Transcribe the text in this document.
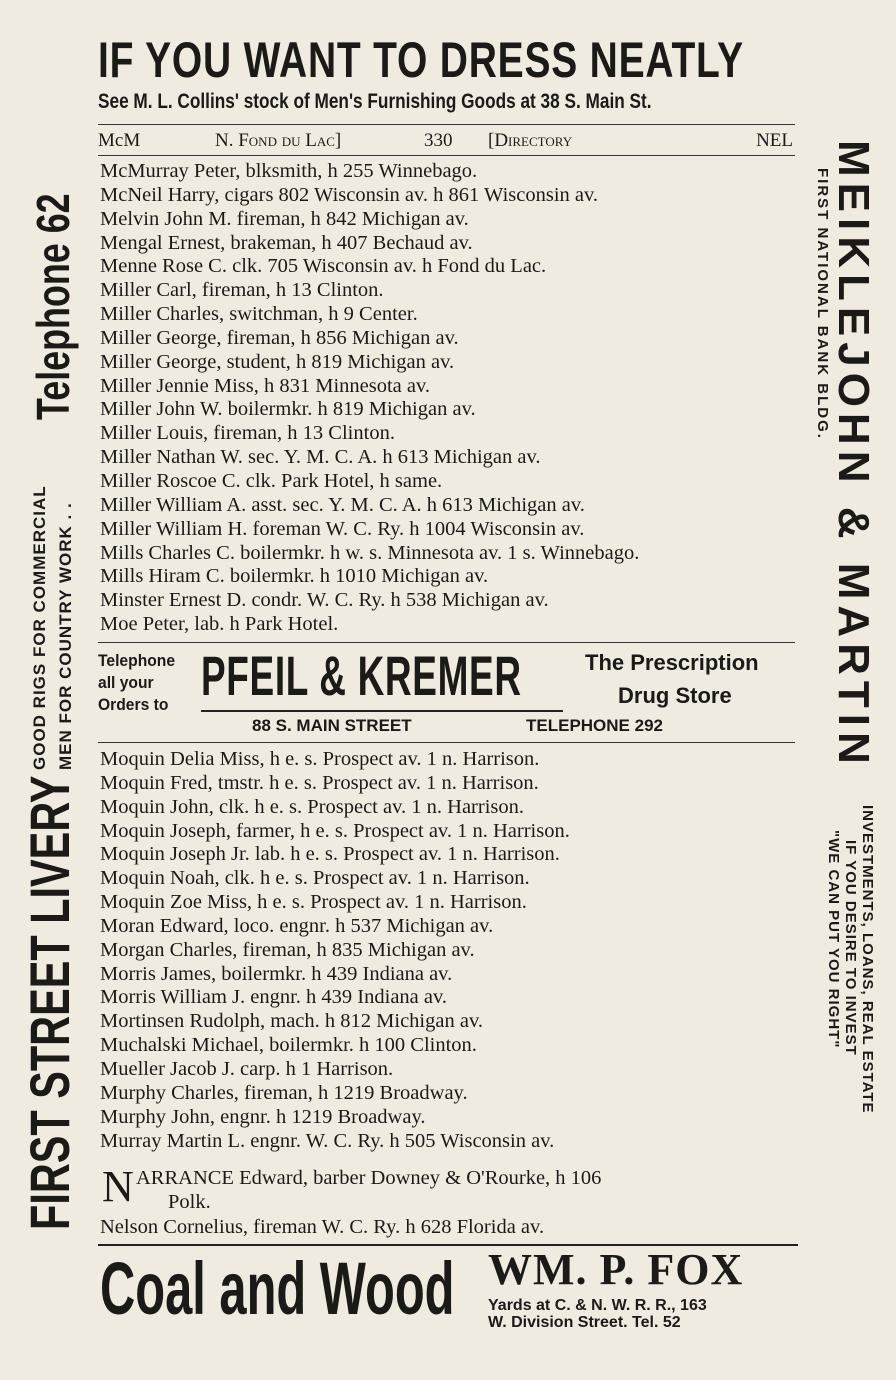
IF YOU WANT TO DRESS NEATLY
See M. L. Collins' stock of Men's Furnishing Goods at 38 S. Main St.
McM	N. Fond du Lac]	330 [Directory	NEL
McMurray Peter, blksmith, h 255 Winnebago.
McNeil Harry, cigars 802 Wisconsin av. h 861 Wisconsin av.
Melvin John M. fireman, h 842 Michigan av.
Mengal Ernest, brakeman, h 407 Bechaud av.
Menne Rose C. clk. 705 Wisconsin av. h Fond du Lac.
Miller Carl, fireman, h 13 Clinton.
Miller Charles, switchman, h 9 Center.
Miller George, fireman, h 856 Michigan av.
Miller George, student, h 819 Michigan av.
Miller Jennie Miss, h 831 Minnesota av.
Miller John W. boilermkr. h 819 Michigan av.
Miller Louis, fireman, h 13 Clinton.
Miller Nathan W. sec. Y. M. C. A. h 613 Michigan av.
Miller Roscoe C. clk. Park Hotel, h same.
Miller William A. asst. sec. Y. M. C. A. h 613 Michigan av.
Miller William H. foreman W. C. Ry. h 1004 Wisconsin av.
Mills Charles C. boilermkr. h w. s. Minnesota av. 1 s. Winnebago.
Mills Hiram C. boilermkr. h 1010 Michigan av.
Minster Ernest D. condr. W. C. Ry. h 538 Michigan av.
Moe Peter, lab. h Park Hotel.
Telephone
all your
Orders to PFEIL & KREMER	The Prescription
Drug Store
88 S. MAIN STREET	TELEPHONE 292
Moquin Delia Miss, h e. s. Prospect av. 1 n. Harrison.
Moquin Fred, tmstr. h e. s. Prospect av. 1 n. Harrison.
Moquin John, clk. h e. s. Prospect av. 1 n. Harrison.
Moquin Joseph, farmer, h e. s. Prospect av. 1 n. Harrison.
Moquin Joseph Jr. lab. h e. s. Prospect av. 1 n. Harrison.
Moquin Noah, clk. h e. s. Prospect av. 1 n. Harrison.
Moquin Zoe Miss, h e. s. Prospect av. 1 n. Harrison.
Moran Edward, loco. engnr. h 537 Michigan av.
Morgan Charles, fireman, h 835 Michigan av.
Morris James, boilermkr. h 439 Indiana av.
Morris William J. engnr. h 439 Indiana av.
Mortinsen Rudolph, mach. h 812 Michigan av.
Muchalski Michael, boilermkr. h 100 Clinton.
Mueller Jacob J. carp. h 1 Harrison.
Murphy Charles, fireman, h 1219 Broadway.
Murphy John, engnr. h 1219 Broadway.
Murray Martin L. engnr. W. C. Ry. h 505 Wisconsin av.
N ARRANCE Edward, barber Downey & O'Rourke, h 106
Polk.
Nelson Cornelius, fireman W. C. Ry. h 628 Florida av.
Coal and Wood WM. P. FOX
Yards at C. & N. W. R. R., 163
W. Division Street. Tel. 52
FIRST STREET LIVERY
GOOD RIGS FOR COMMERCIAL MEN FOR COUNTRY WORK . .
Telephone 62	MEIKLEJOHN & MARTIN
FIRST NATIONAL BANK BLDG.
INVESTMENTS, LOANS, REAL ESTATE
IF YOU DESIRE TO INVEST
"WE CAN PUT YOU RIGHT"
